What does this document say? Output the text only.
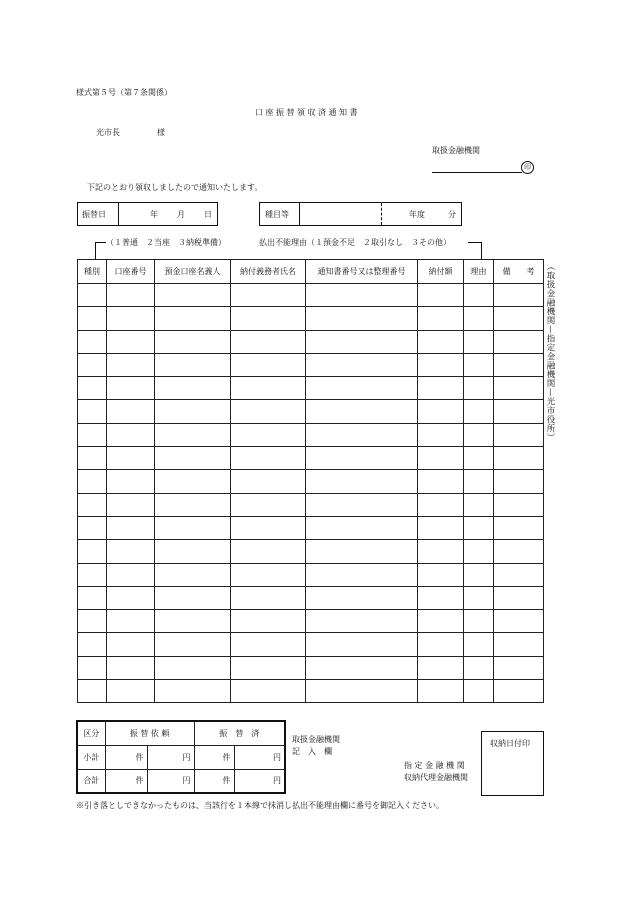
様式第５号（第７条関係）
口座振替領収済通知書
光市長	様
取扱金融機関
印
下記のとおり領収しましたので通知いたします。
振替日	年 月 日	種目等	年度	分
（１普通　２当座　３納税準備）	払出不能理由（１預金不足　２取引なし　３その他）
種別	口座番号	預金口座名義人	納付義務者氏名	通知書番号又は整理番号	納付額	理由	備　　考

							（取扱金融機関—指定金融機関—光市役所）
区分	振 替 依 頼		振　替　済	
小計	件	円	件	円
合計	件	円	件	円
取扱金融機関
記　入　欄
指 定 金 融 機 関
収納代理金融機関
収納日付印
※引き落としできなかったものは、当該行を１本線で抹消し払出不能理由欄に番号を御記入ください。
